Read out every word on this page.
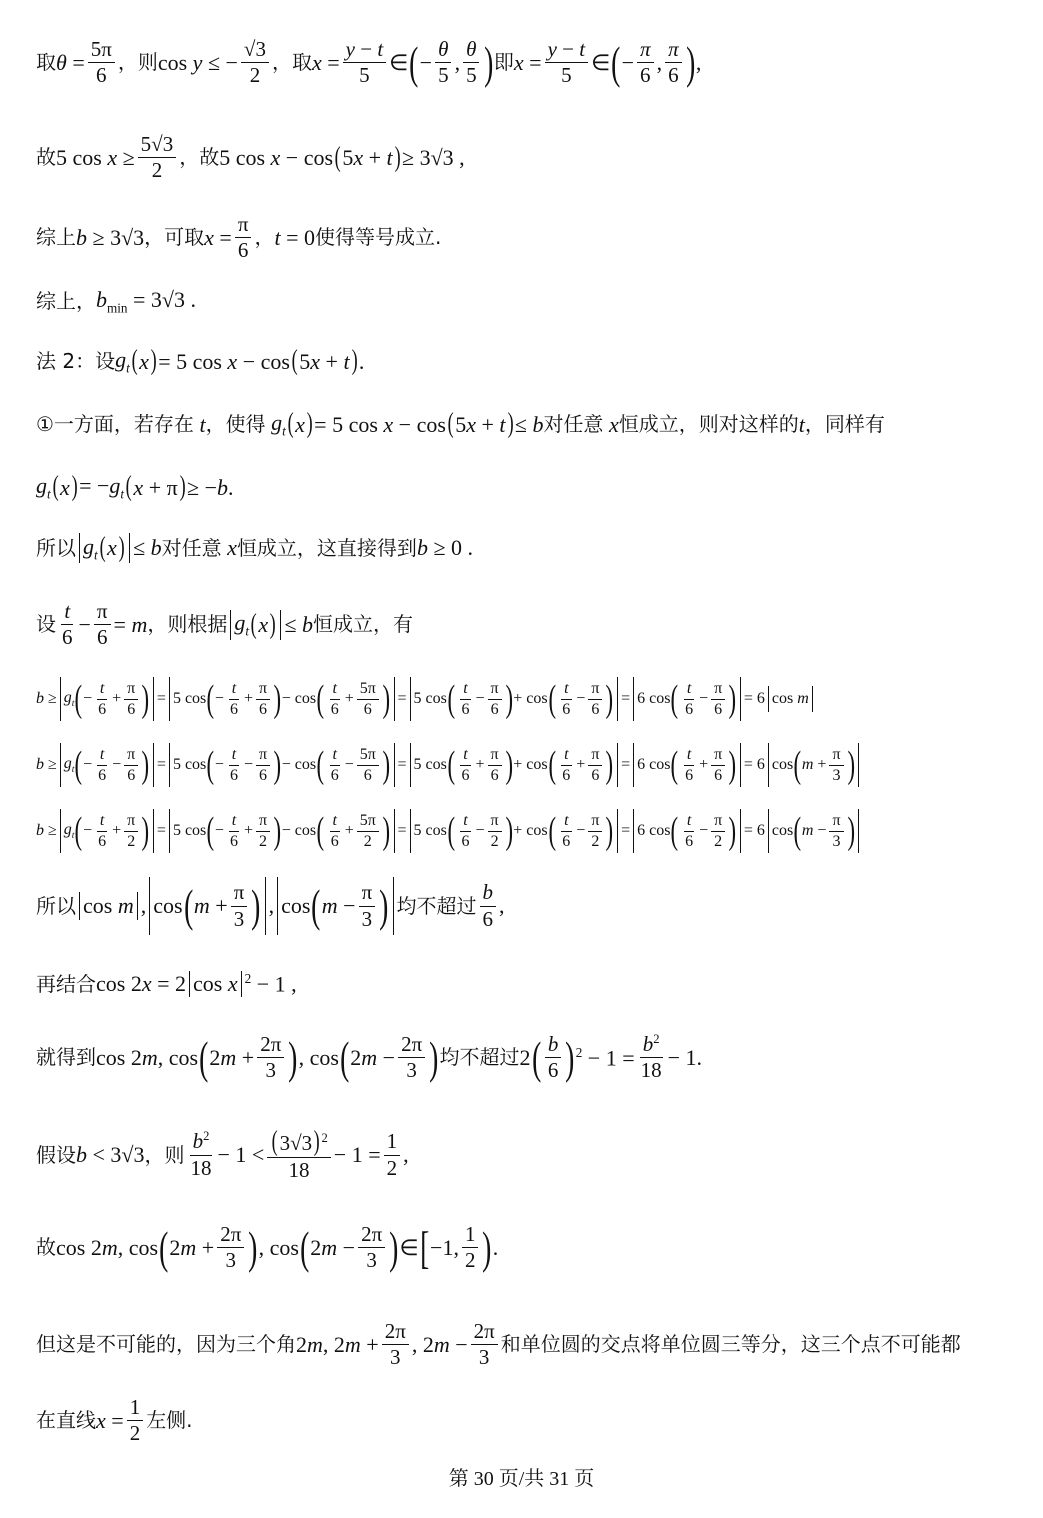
取 $\theta = \frac{5\pi}{6}$ ，则 cos y ≤ − $\frac{√3}{2}$ ，取 $x = \frac{y - t}{5}$ ∈ ( − $\frac{\theta}{5}$ , $\frac{\theta}{5}$ ) 即 $x = \frac{y - t}{5}$ ∈ ( − $\frac{\pi}{6}$ , $\frac{\pi}{6}$ ) ,
故 5 $\cos x \ge \frac{5√3}{2}$ ，故 5 cos x − cos ( 5x + t ) ≥ 3√3 ,
综上 b ≥ 3√3 ，可取 $x = \frac{\pi}{6}$ ， t = 0 使得等号成立.
综上， $b_{min} = 3√3$ .
法 2：设 $g_t$ ( x ) = 5 cos x − cos ( 5x + t ) .
①一方面，若存在 t ，使得 $g_t$ ( x ) = 5 cos x − cos ( 5x + t ) ≤ b 对任意 x 恒成立，则对这样的 t ，同样有
$g_t$ ( x ) = $-g_t$ ( x + π ) ≥ −b.
所以 $g_t$ ( x ) ≤ b 对任意 x 恒成立，这直接得到 b ≥ 0 .
设 $\frac{t}{6} - \frac{\pi}{6} = m$ ，则根据 $g_t$ ( x ) ≤ b 恒成立，有
$b \ge g_t$ ( − $\frac{t}{6} + \frac{\pi}{6}$ ) = 5 cos ( − $\frac{t}{6} + \frac{\pi}{6}$ ) − cos ( $\frac{t}{6} + \frac{5\pi}{6}$ ) = 5 cos ( $\frac{t}{6} - \frac{\pi}{6}$ ) + cos ( $\frac{t}{6} - \frac{\pi}{6}$ ) = 6 cos ( $\frac{t}{6} - \frac{\pi}{6}$ ) = 6 cos m
$b \ge g_t$ ( − $\frac{t}{6} - \frac{\pi}{6}$ ) = 5 cos ( − $\frac{t}{6} - \frac{\pi}{6}$ ) − cos ( $\frac{t}{6} - \frac{5\pi}{6}$ ) = 5 cos ( $\frac{t}{6} + \frac{\pi}{6}$ ) + cos ( $\frac{t}{6} + \frac{\pi}{6}$ ) = 6 cos ( $\frac{t}{6} + \frac{\pi}{6}$ ) = 6 cos ( $m + \frac{\pi}{3}$ )
$b \ge g_t$ ( − $\frac{t}{6} + \frac{\pi}{2}$ ) = 5 cos ( − $\frac{t}{6} + \frac{\pi}{2}$ ) − cos ( $\frac{t}{6} + \frac{5\pi}{2}$ ) = 5 cos ( $\frac{t}{6} - \frac{\pi}{2}$ ) + cos ( $\frac{t}{6} - \frac{\pi}{2}$ ) = 6 cos ( $\frac{t}{6} - \frac{\pi}{2}$ ) = 6 cos ( $m - \frac{\pi}{3}$ )
所以 cos m , cos ( $m + \frac{\pi}{3}$ ) , cos ( $m - \frac{\pi}{3}$ ) 均不超过 $\frac{b}{6}$ ,
再结合 cos 2x = 2 cos x $^2$ − 1 ,
就得到 cos 2m, cos ( $2m + \frac{2\pi}{3}$ ) , cos ( $2m - \frac{2\pi}{3}$ ) 均不超过 2 ( $\frac{b}{6}$ ) $^2 - 1 = \frac{b^2}{18} - 1$.
假设 b < 3√3 ，则 $\frac{b^2}{18} - 1 < \frac{(3√3) ^2}{18} - 1 = \frac{1}{2}$ ,
故 cos 2m, cos ( $2m + \frac{2\pi}{3}$ ) , cos ( $2m - \frac{2\pi}{3}$ ) ∈ [ −1, $\frac{1}{2}$ ) .
但这是不可能的，因为三个角 2m, $2m + \frac{2\pi}{3}$ , $2m - \frac{2\pi}{3}$ 和单位圆的交点将单位圆三等分，这三个点不可能都
在直线 $x = \frac{1}{2}$ 左侧.
第 30 页/共 31 页
